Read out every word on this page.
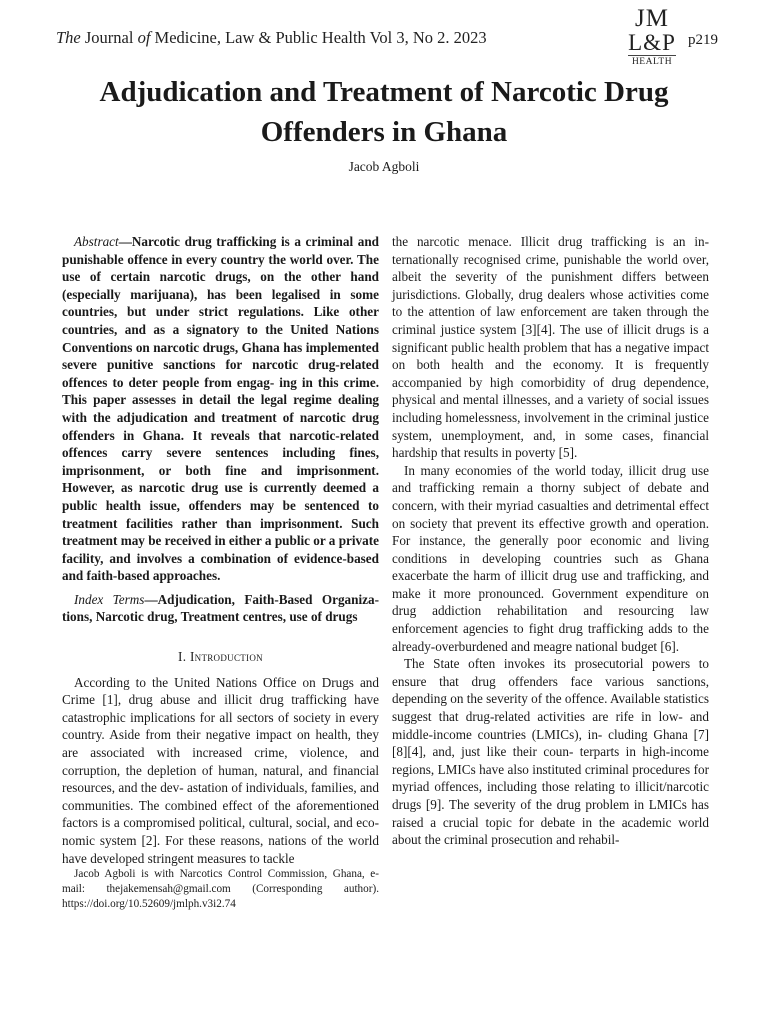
The Journal of Medicine, Law & Public Health Vol 3, No 2. 2023
JM
L&P
HEALTH
p219
Adjudication and Treatment of Narcotic Drug Offenders in Ghana
Jacob Agboli

Abstract—Narcotic drug trafficking is a criminal and punishable offence in every country the world over. The use of certain narcotic drugs, on the other hand (especially marijuana), has been legalised in some countries, but under strict regulations. Like other countries, and as a signatory to the United Nations Conventions on narcotic drugs, Ghana has implemented severe punitive sanctions for narcotic drug-related offences to deter people from engag- ing in this crime. This paper assesses in detail the legal regime dealing with the adjudication and treatment of narcotic drug offenders in Ghana. It reveals that narcotic-related offences carry severe sentences including fines, imprisonment, or both fine and imprisonment. However, as narcotic drug use is currently deemed a public health issue, offenders may be sentenced to treatment facilities rather than imprisonment. Such treatment may be received in either a public or a private facility, and involves a combination of evidence-based and faith-based approaches.

Index Terms—Adjudication, Faith-Based Organiza- tions, Narcotic drug, Treatment centres, use of drugs

I. Introduction

According to the United Nations Office on Drugs and Crime [1], drug abuse and illicit drug trafficking have catastrophic implications for all sectors of society in every country. Aside from their negative impact on health, they are associated with increased crime, violence, and corruption, the depletion of human, natural, and financial resources, and the dev- astation of individuals, families, and communities. The combined effect of the aforementioned factors is a compromised political, cultural, social, and eco- nomic system [2]. For these reasons, nations of the world have developed stringent measures to tackle

Jacob Agboli is with Narcotics Control Commission, Ghana, e-mail: thejakemensah@gmail.com (Corresponding author). https://doi.org/10.52609/jmlph.v3i2.74

the narcotic menace. Illicit drug trafficking is an in- ternationally recognised crime, punishable the world over, albeit the severity of the punishment differs between jurisdictions. Globally, drug dealers whose activities come to the attention of law enforcement are taken through the criminal justice system [3][4]. The use of illicit drugs is a significant public health problem that has a negative impact on both health and the economy. It is frequently accompanied by high comorbidity of drug dependence, physical and mental illnesses, and a variety of social issues including homelessness, involvement in the criminal justice system, unemployment, and, in some cases, financial hardship that results in poverty [5].

In many economies of the world today, illicit drug use and trafficking remain a thorny subject of debate and concern, with their myriad casualties and detrimental effect on society that prevent its effective growth and operation. For instance, the generally poor economic and living conditions in developing countries such as Ghana exacerbate the harm of illicit drug use and trafficking, and make it more pronounced. Government expenditure on drug addiction rehabilitation and resourcing law enforcement agencies to fight drug trafficking adds to the already-overburdened and meagre national budget [6].

The State often invokes its prosecutorial powers to ensure that drug offenders face various sanctions, depending on the severity of the offence. Available statistics suggest that drug-related activities are rife in low- and middle-income countries (LMICs), in- cluding Ghana [7][8][4], and, just like their coun- terparts in high-income regions, LMICs have also instituted criminal procedures for myriad offences, including those relating to illicit/narcotic drugs [9]. The severity of the drug problem in LMICs has raised a crucial topic for debate in the academic world about the criminal prosecution and rehabil-
